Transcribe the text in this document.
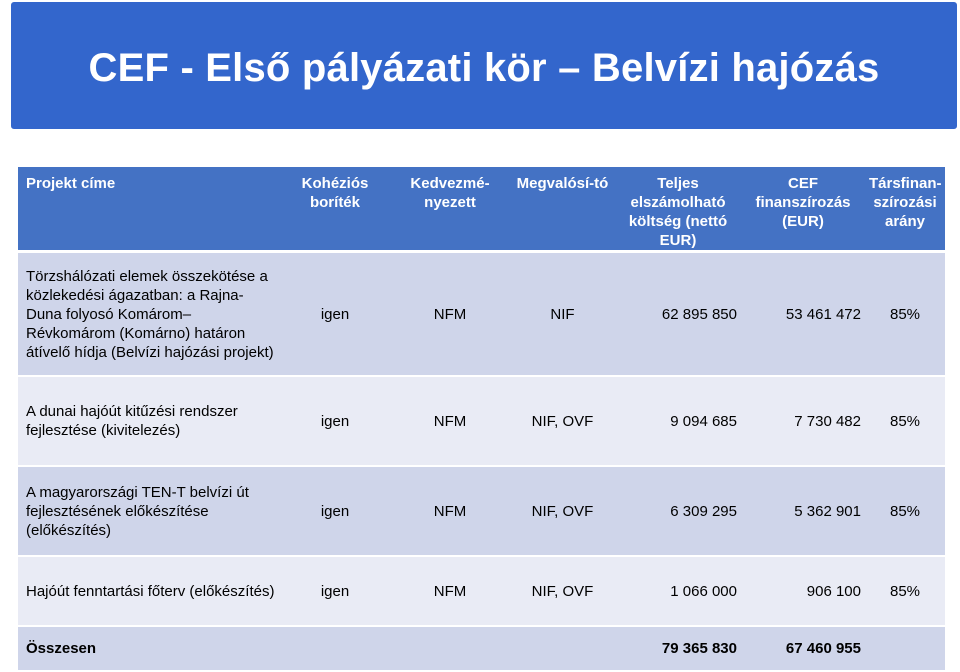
CEF - Első pályázati kör – Belvízi hajózás
Projekt címe	Kohéziós boríték	Kedvezmé-nyezett	Megvalósí-tó	Teljes elszámolható költség (nettó EUR)	CEF finanszírozás (EUR)	Társfinan-szírozási arány
Törzshálózati elemek összekötése a közlekedési ágazatban: a Rajna-Duna folyosó Komárom–Révkomárom (Komárno) határon átívelő hídja (Belvízi hajózási projekt)	igen	NFM	NIF	62 895 850	53 461 472	85%
A dunai hajóút kitűzési rendszer fejlesztése (kivitelezés)	igen	NFM	NIF, OVF	9 094 685	7 730 482	85%
A magyarországi TEN-T belvízi út fejlesztésének előkészítése (előkészítés)	igen	NFM	NIF, OVF	6 309 295	5 362 901	85%
Hajóút fenntartási főterv (előkészítés)	igen	NFM	NIF, OVF	1 066 000	906 100	85%
Összesen				79 365 830	67 460 955	
